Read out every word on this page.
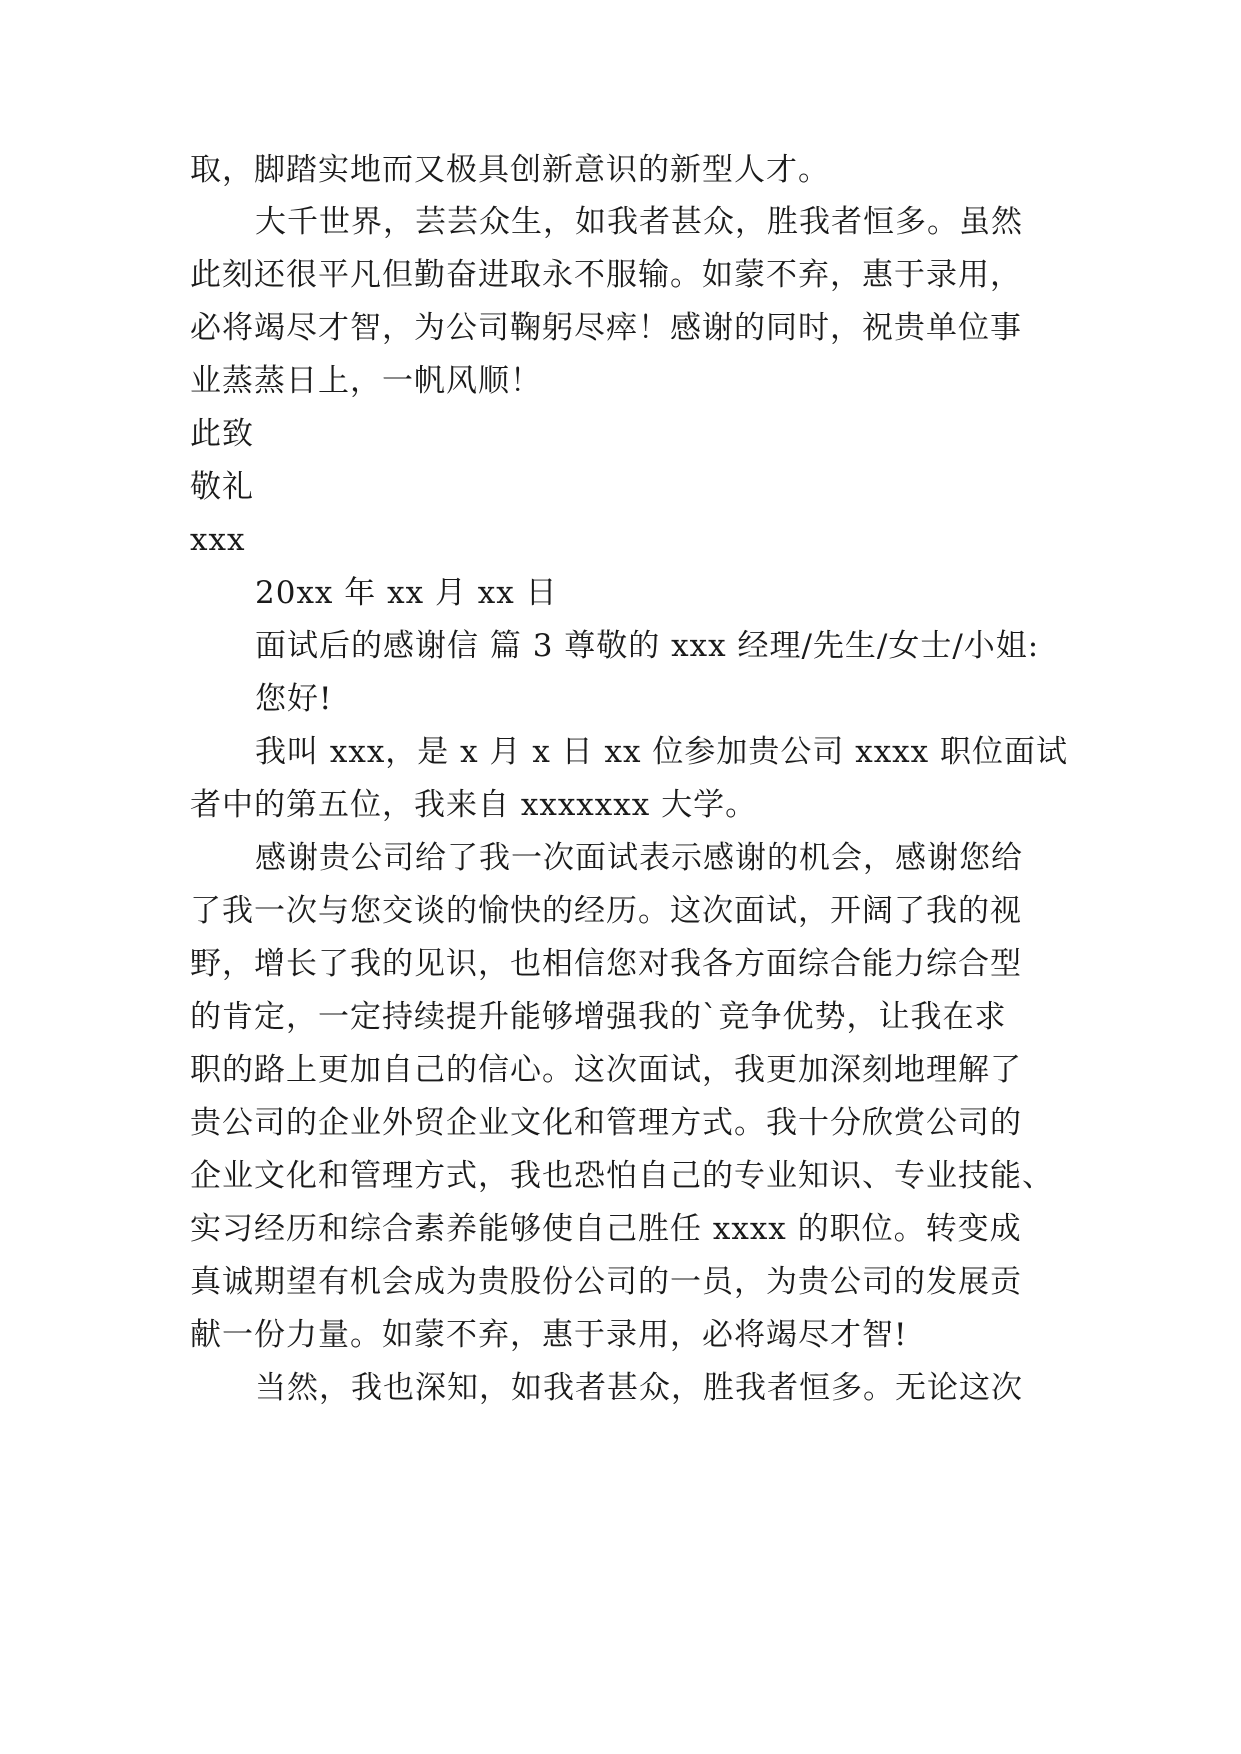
取，脚踏实地而又极具创新意识的新型人才。
大千世界，芸芸众生，如我者甚众，胜我者恒多。虽然
此刻还很平凡但勤奋进取永不服输。如蒙不弃，惠于录用，
必将竭尽才智，为公司鞠躬尽瘁！感谢的同时，祝贵单位事
业蒸蒸日上，一帆风顺！
此致
敬礼
xxx
20xx 年 xx 月 xx 日
面试后的感谢信 篇 3 尊敬的 xxx 经理/先生/女士/小姐:
您好!
我叫 xxx，是 x 月 x 日 xx 位参加贵公司 xxxx 职位面试
者中的第五位，我来自 xxxxxxx 大学。
感谢贵公司给了我一次面试表示感谢的机会，感谢您给
了我一次与您交谈的愉快的经历。这次面试，开阔了我的视
野，增长了我的见识，也相信您对我各方面综合能力综合型
的肯定，一定持续提升能够增强我的`竞争优势，让我在求
职的路上更加自己的信心。这次面试，我更加深刻地理解了
贵公司的企业外贸企业文化和管理方式。我十分欣赏公司的
企业文化和管理方式，我也恐怕自己的专业知识、专业技能、
实习经历和综合素养能够使自己胜任 xxxx 的职位。转变成
真诚期望有机会成为贵股份公司的一员，为贵公司的发展贡
献一份力量。如蒙不弃，惠于录用，必将竭尽才智!
当然，我也深知，如我者甚众，胜我者恒多。无论这次
